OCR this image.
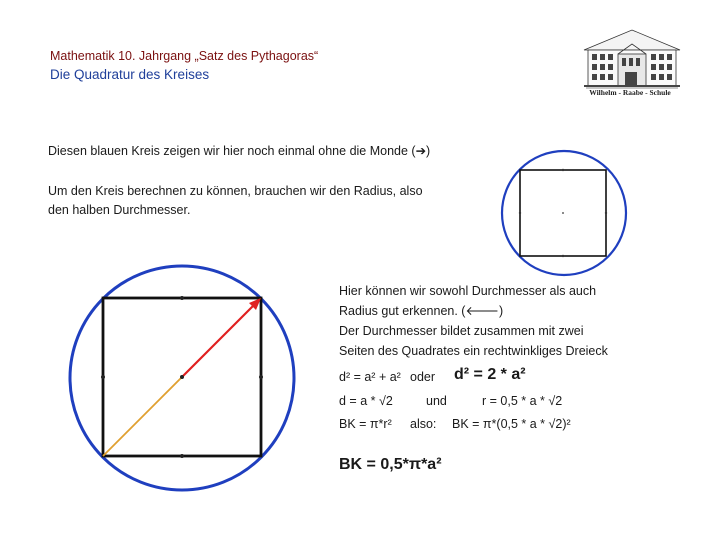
Mathematik 10. Jahrgang „Satz des Pythagoras“
Die Quadratur des Kreises
Wilhelm - Raabe - Schule
Diesen blauen Kreis zeigen wir hier noch einmal ohne die Monde (➔)
Um den Kreis berechnen zu können, brauchen wir den Radius, also
den halben Durchmesser.
Hier können wir sowohl Durchmesser als auch
Radius gut erkennen. (🡐)
Der Durchmesser bildet zusammen mit zwei
Seiten des Quadrates ein rechtwinkliges Dreieck
d² = a² + a² oder d² = 2 * a²
d = a * √2	und	r = 0,5 * a * √2
BK = π*r² also: BK = π*(0,5 * a * √2)²
BK = 0,5*π*a²
